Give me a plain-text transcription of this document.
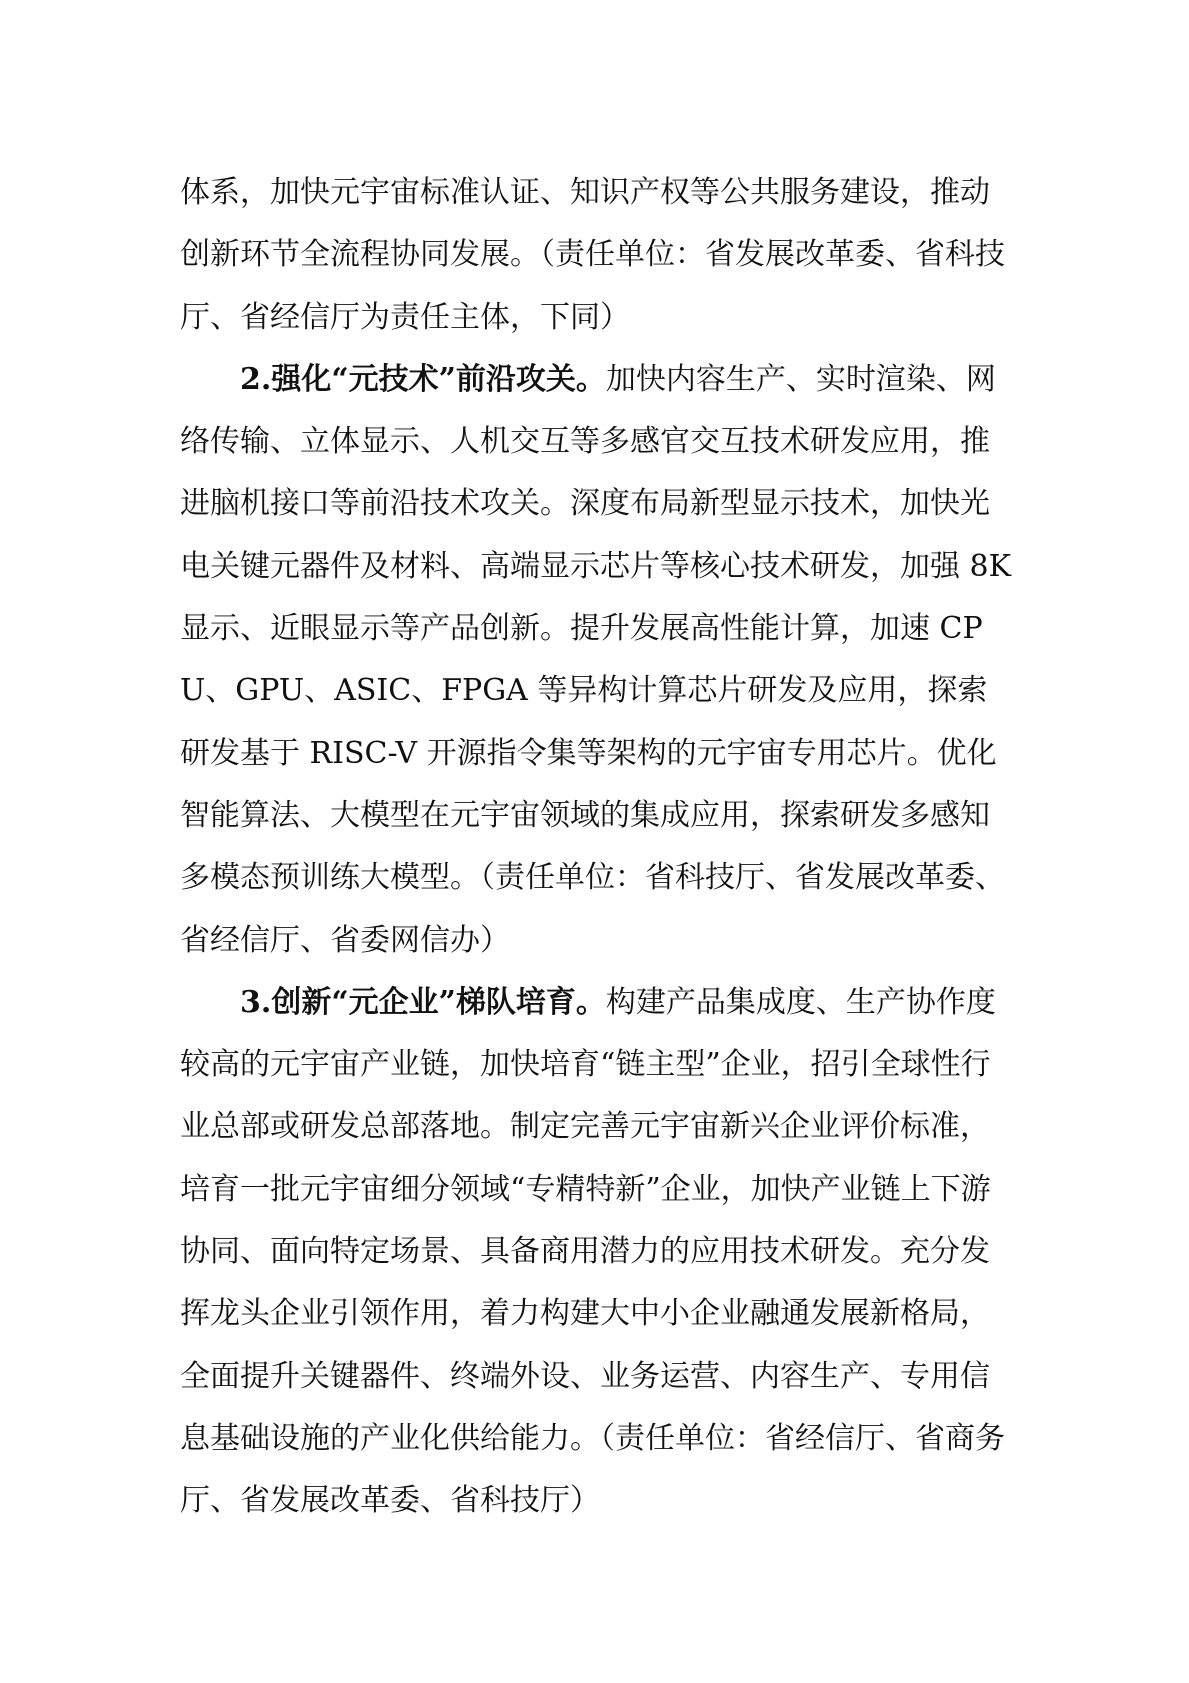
体系，加快元宇宙标准认证、知识产权等公共服务建设，推动创新环节全流程协同发展。（责任单位：省发展改革委、省科技厅、省经信厅为责任主体，下同）

2.强化“元技术”前沿攻关。加快内容生产、实时渲染、网络传输、立体显示、人机交互等多感官交互技术研发应用，推进脑机接口等前沿技术攻关。深度布局新型显示技术，加快光电关键元器件及材料、高端显示芯片等核心技术研发，加强 8K 显示、近眼显示等产品创新。提升发展高性能计算，加速 CPU、GPU、ASIC、FPGA 等异构计算芯片研发及应用，探索研发基于 RISC-V 开源指令集等架构的元宇宙专用芯片。优化智能算法、大模型在元宇宙领域的集成应用，探索研发多感知多模态预训练大模型。（责任单位：省科技厅、省发展改革委、省经信厅、省委网信办）

3.创新“元企业”梯队培育。构建产品集成度、生产协作度较高的元宇宙产业链，加快培育“链主型”企业，招引全球性行业总部或研发总部落地。制定完善元宇宙新兴企业评价标准，培育一批元宇宙细分领域“专精特新”企业，加快产业链上下游协同、面向特定场景、具备商用潜力的应用技术研发。充分发挥龙头企业引领作用，着力构建大中小企业融通发展新格局，全面提升关键器件、终端外设、业务运营、内容生产、专用信息基础设施的产业化供给能力。（责任单位：省经信厅、省商务厅、省发展改革委、省科技厅）
